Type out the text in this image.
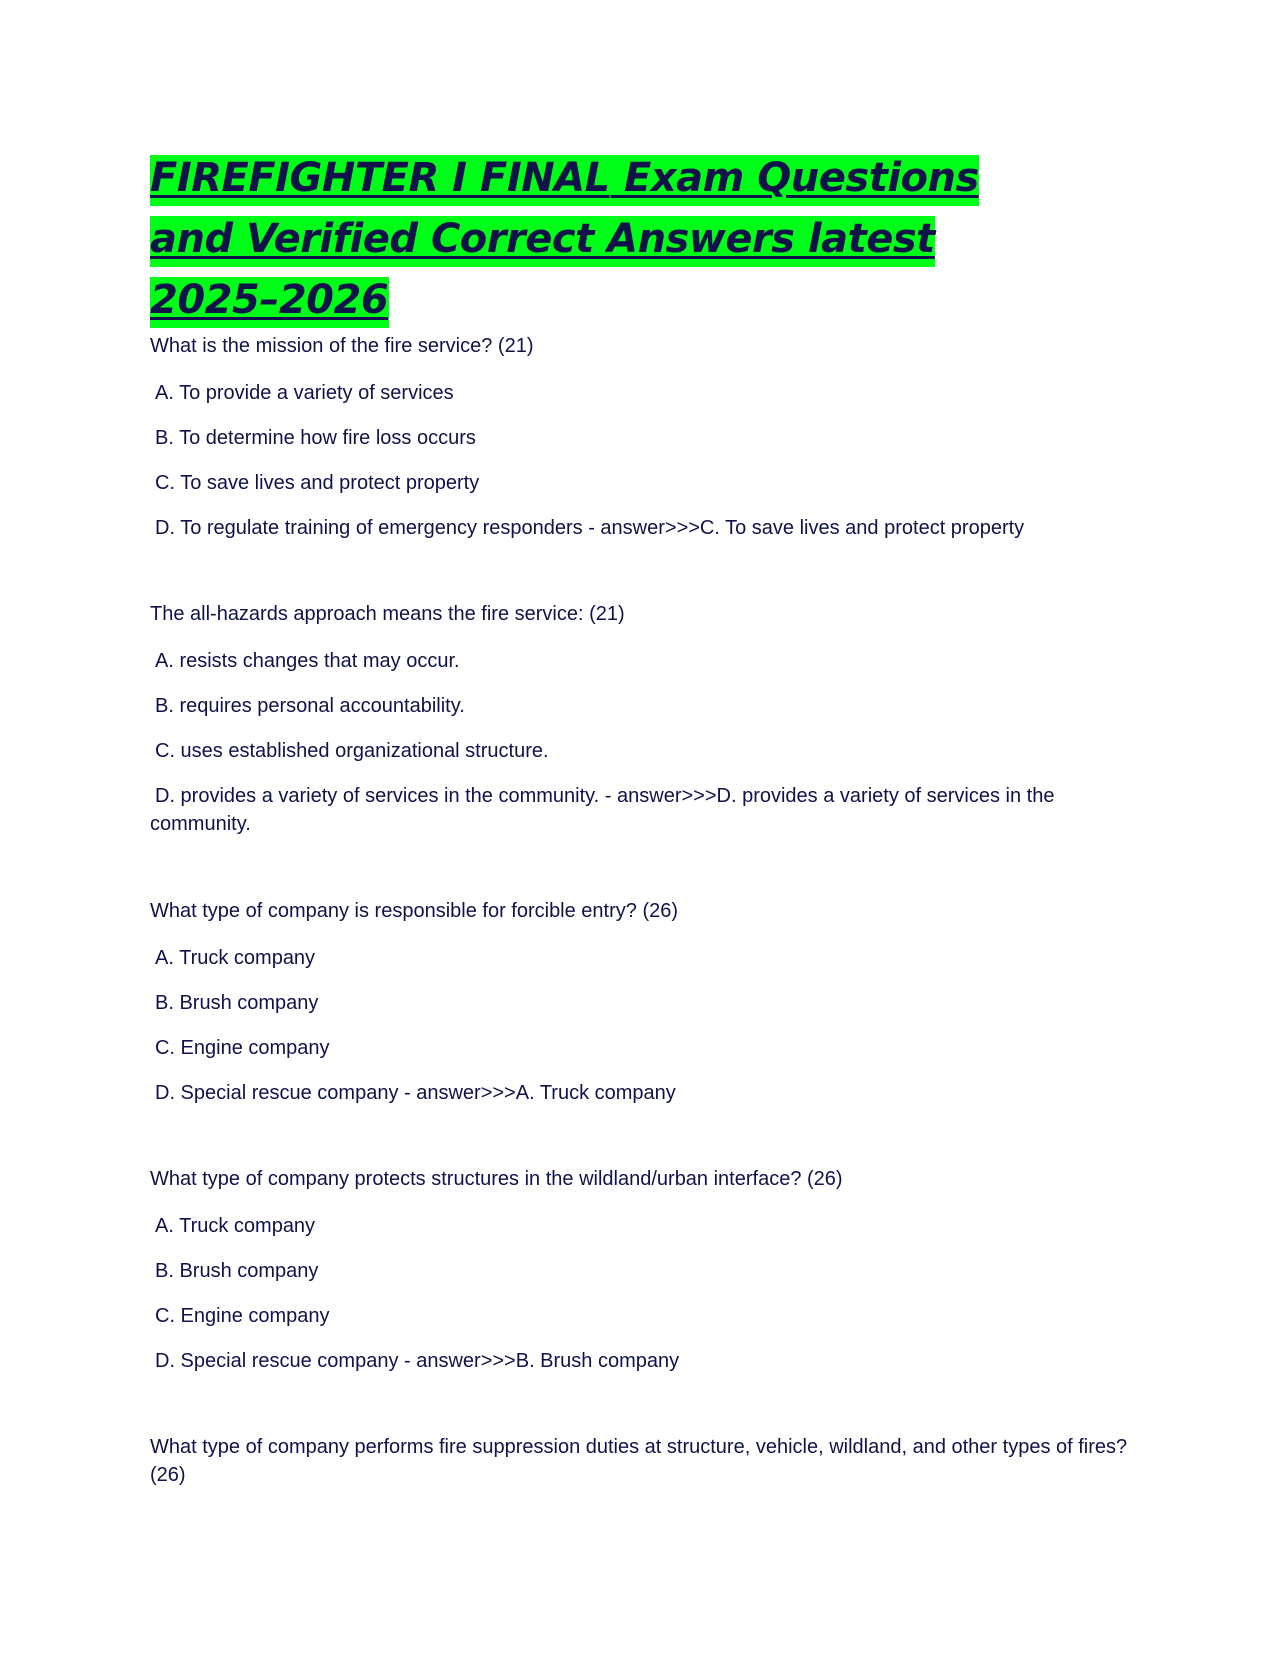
FIREFIGHTER I FINAL Exam Questions and Verified Correct Answers latest 2025–2026

What is the mission of the fire service? (21)

A. To provide a variety of services

B. To determine how fire loss occurs

C. To save lives and protect property

D. To regulate training of emergency responders - answer>>>C. To save lives and protect property

The all-hazards approach means the fire service: (21)

A. resists changes that may occur.

B. requires personal accountability.

C. uses established organizational structure.

D. provides a variety of services in the community. - answer>>>D. provides a variety of services in the community.

What type of company is responsible for forcible entry? (26)

A. Truck company

B. Brush company

C. Engine company

D. Special rescue company - answer>>>A. Truck company

What type of company protects structures in the wildland/urban interface? (26)

A. Truck company

B. Brush company

C. Engine company

D. Special rescue company - answer>>>B. Brush company

What type of company performs fire suppression duties at structure, vehicle, wildland, and other types of fires? (26)
